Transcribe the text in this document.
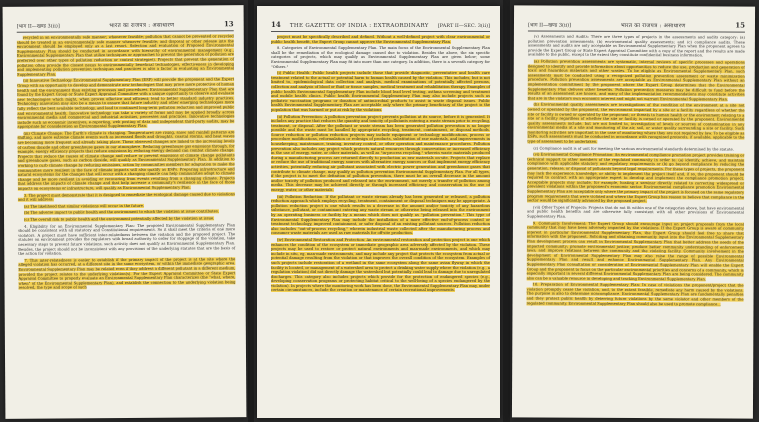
[भाग II—खण्ड 3(ii)]	भारत का राजपत्र : असाधारण	13
recycled in an environmentally safe manner; whenever feasible; pollution that cannot be prevented or recycled should be treated in an environmentally safe manner whenever feasible; and disposal or other release into the environment should be employed only as a last resort. Selection and evaluation of Proposed Environmental Supplementary Plan should be conducted in accordance with hierarchy of environmental management (e.g., Environmental Supplementary Plan that utilize techniques or approaches to prevent the generation of pollution are preferred over other types of pollution reduction or control strategies). Projects that prevent the generation of pollution often provide the closest nexus to environmentally beneficial technologies, effectiveness in developing and implementing pollution prevention techniques and practices is also a factor in evaluating an Environmental Supplementary Plan.
(ii) Innovative Technology Environmental Supplementary Plan (ESP) will provide the proponent and the Expert Group with an opportunity to develop and demonstrate new technologies that may prove more protective of human health and the environment than existing processes and procedures. Environmental Supplementary Plan that are found by the Expert Group or State Expert Appraisal Committee with a unique opportunity to observe and evaluate new technologies which might, when proven effective and efficient; lead to better standard industry practices. Technology innovation may also be a means to ensure that future industry and other emerging technologies more fully reflect the best available technology, and lead to continued long-term pollution reduction and improved public and environmental health. Innovative technology can take a variety of forms and may be applied broadly across environmental media and commercial and industrial activities, processes and practices. Innovative technologies include such as economic incentives, e-reporting, web posting of data and independent third-party audits, may be appropriate for consideration as Environmental Supplementary Plan.
(iii) Climate Change: The Earth's climate is changing. Temperatures are rising, snow and rainfall patterns are shifting, and more extreme climate events such as increased floods and droughts, coastal storms, and heat waves are becoming more frequent and already taking place. These observed changes are linked to the increasing levels of carbon dioxide and other greenhouse gases in our atmosphere. Reducing greenhouse gas emissions through, for example, energy efficiency projects that reduce emissions by reducing energy demand can combat climate change. Projects that reduce the causes of climate change and reduce or prevent emissions of climate change pollutants and greenhouse gases, such as carbon dioxide, will qualify as Environmental Supplementary Plan. In addition to working to curb climate change by reducing emissions, action by communities members for adaptation to make the communities more resilient in the face of climate impacts will also qualify as ESPs. Preparing infrastructure and natural ecosystems for the changes that will occur with a changing climate can help communities adapt to climate change and be more resilient in avoiding or recovering from events resulting from a changing climate. Projects that address the impacts of climate change and that help increase a community's resilience in the face of those impacts on ecosystems or infrastructure, will qualify as Environmental Supplementary Plan.
3. The project must demonstrate that it is designed to remediate the ecological damage caused due to violations and it will address:
(a) The likelihood that similar violations will occur in the future.
(b) The adverse impact to public health and the environment to which the violation at issue contributes.
(c) The overall risk to public health and the environment potentially affected by the violation at issue.
4. Eligibility for an Environmental Supplementary Plan: The proposed Environmental Supplementary Plan should be consistent with all statutory and Constitutional requirements. So it shall meet the criteria of one more violators. A project must have sufficient inter-relatedness between the violation and the proposed project. The statutes on environment provides the regulators with broad authority to order for stoppage of the violation, take necessary steps to prevent future violations, such activity does not qualify as Environmental Supplementary Plan. Besides, the project should not be inconsistent with any provisions of the underlying statutes that are the basis of the action for violation.
7. This inter-relatedness is easier to establish if the primary impact of the project is at the site where the alleged violation has occurred, at a different site in the same ecosystem, or within the immediate geographic area. Environmental Supplementary Plan may be related even if they address a different pollutant in a different medium, provided the project relates to the underlying violation(s). For the Expert Appraisal Committee or State Expert Appraisal Committee to properly evaluate an Environmental Supplementary Plan characterizes (the "what, where, when" of the Environmental Supplementary Plan), and establish the connection to the underlying violation being resolved, the type and scope of such
14 THE GAZETTE OF INDIA : EXTRAORDINARY [PART II—SEC. 3(ii)]
project must be specifically described and defined. Without a well-defined project with clear environmental or public health benefit, the Expert Group cannot approve the Environmental Supplementary Plan.
8. Categories of Environmental Supplementary Plan. The main focus of the Environmental Supplementary Plan shall be the remediation of the ecological damage caused due to violation. Besides the above, the six specific categories of projects, which may qualify as Environmental Supplementary Plan are given below; some Environmental Supplementary Plan may fit into more than one category. In addition, there is a seventh category for "Others."
(i) Public Health: Public health projects include those that provide diagnostic, preventative and health care treatment related to the actual or potential harm to human health caused by the violation. This includes, but is not limited to, epidemiological data collection and analysis, medical examinations of potentially affected persons, collection and analysis of blood or fluid or tissue samples, medical treatment and rehabilitation therapy. Examples of public health Environmental Supplementary Plan include blood lead level testing, asthma screening and treatment and mobile health clinics. Public health Environmental Supplementary Plan may also include projects such as pediatric vaccination programs or donation of antimicrobial products to assist in waste disposal issues. Public health Environmental Supplementary Plan are acceptable only where the primary beneficiary of the project is the population that was harmed or put at risk by the violations.
(ii) Pollution Prevention: A pollution prevention project prevents pollution at its source, before it is generated. It includes any practice that reduces the quantity and toxicity of pollutants entering a waste stream prior to recycling, treatment, or disposal. After the pollutant or waste stream has been generated pollution prevention is no longer possible and the waste must be handled by appropriate recycling, treatment, containment, or disposal methods. Source reduction or pollution reduction projects may include equipment or technology modifications, process or procedure modifications, reformulation or redesign of products, substitution of raw materials, and improvements in housekeeping, maintenance, training, inventory control, or other operation and maintenance procedures. Pollution prevention also includes any project which protects natural resources through conservation or increased efficiency in the use of energy, water, or other materials, as well as "in-process recycling," wherein waste materials produced during a manufacturing process are returned directly to production as raw materials on-site. Projects that replace or reduce the use of traditional energy sources with alternative energy sources or that implement energy efficiency activities, potentially reducing air pollutant associated with electric power generation and greenhouse gases that contribute to climate change, may qualify as pollution prevention Environmental Supplementary Plan. For all types, if the project is to meet the definition of pollution prevention, there must be an overall decrease in the amount and/or toxicity of pollution produced and released into the environment, not merely a transfer of pollution among media. This decrease may be achieved directly or through increased efficiency and conservation in the use of energy, water, or other materials.
(iii) Pollution Reduction: If the pollutant or waste stream already has been generated or released, a pollution reduction approach which employs recycling, treatment, containment or disposal techniques may be appropriate. A pollution reduction project is one which results in a decrease in the amount and/or toxicity of any hazardous substance, pollutant, or contaminant entering any waste stream or otherwise being released into the environment by an operating business or facility by a means which does not qualify as "pollution prevention." This type of Environmental Supplementary Plan may include the installation of a more effective end-of-process control or treatment technology, improved containment, or safer disposal of an existing pollutant sources. Pollution reduction also includes "out-of-process recycling," wherein industrial waste collected after the manufacturing process and consumer waste materials are used as raw materials for off-site production.
(iv) Environmental Restoration and Protection: An environmental restoration and protection project is one which enhances the condition of the ecosystem or immediate geographic area adversely affected by the violation. These projects may be used to restore or protect natural environments and man-made environments, and which may include in situ, eg, man-made environments, and may include any project that protects the ecosystem from actual or potential damage resulting from the violation or that improves the overall condition of the ecosystem. Examples of such projects include restoration of a wetland in the same ecosystem along the same avian flyway in which the facility is located, or management of a watershed area to protect a drinking water supply where the violation (e.g., a regulation violation) did not directly damage the watershed but potentially could lead to damage due to unregulated discharges. This category also includes projects which provide for the protection of endangered species (e.g., developing conservation programs or protecting habitat critical to the well-being of a species endangered by the violation). In projects where the monitoring work has been done, the Environmental Supplementary Plan may, under certain circumstances, include the creation or maintenance of certain recreational improvements.
[भाग II—खण्ड 3(ii)]	भारत का राजपत्र : असाधारण	15
(v) Assessments and Audits: There are three types of projects in the assessments and audits category: (a) pollution prevention assessments; (b) environmental quality assessments; and (c) compliance audits. These assessments and audits are only acceptable as Environmental Supplementary Plan when the proponent agrees to provide the Expert Group or State Expert Appraisal Committee with a copy of the report and the results are made available to the public, except to the extent they constitute confidential business information.
(a) Pollution prevention assessments are systematic, internal reviews of specific processes and operations designed to identify and provide information about opportunities to reduce the use, production and generation of toxic and hazardous materials and other wastes. To be eligible as Environmental Supplementary Plan, such assessments must be conducted using a recognized pollution prevention assessment or waste minimization procedure. Pollution prevention assessments are acceptable as Environmental Supplementary Plan without an implementation commitment by the proponent where the Expert Group determines that the Environmental Supplementary Plan delivers other benefits. Pollution prevention measures may be difficult to fund before the results of an assessment are known, and many of the implementation recommendations may constitute activities that are in the violators own economic interest and might not warrant Environmental Supplementary Plan.
(b) Environmental quality assessments are investigations of the condition of the environment at a site not owned or operated by the proponent, the environment impacted by a site or a facility regardless of whether the site or facility is owned or operated by the proponent; or threats to human health or the environment relating to a site or a facility regardless of whether the site or facility is owned or operated by the proponent. Environmental quality assessments include, but are not limited to, investigation of levels or sources of contamination in any environmental media at a site and monitoring of the air, soil, or water quality surrounding a site or facility. Such monitoring activities are important in the case of monitoring where they are not required by law. To be eligible as ESPs, such assessments must be conducted in accordance with recognized protocols, if available, applicable to the type of assessment to be undertaken.
(c) Compliance audit is of unit for meeting the various environmental standards determined by the statute.
(vi) Environmental Compliance Promotion: An environmental compliance promotion project provides training or technical support to other members of the regulated community in order to: (a) identify, achieve, and maintain compliance with applicable statutory and regulatory requirements or (b) go beyond compliance by reducing the generation, release, or disposal of pollutants beyond legal requirements. For these types of projects, the proponent may lack the experience, knowledge, or ability to implement the project itself and, if so, the proponent should be required to contract with an appropriate expert to develop and implement the compliance promotion project. Acceptable projects may include, for example, hosting a seminar directly related to correcting widespread or prevalent violations within the proponent's economic sector. Environmental compliance promotion Environmental Supplementary Plan are acceptable only where the primary impact of the project is focused on the same regulatory program requirements that were violated and where the Expert Group has reason to believe that compliance in the sector would be significantly advanced by the proposed project.
(vii) Other Types of Projects: Projects that do not fit within one of the categories above, but have environmental and public health benefits and are otherwise fully consistent with all other provisions of Environmental Supplementary Plan.
9. Community Involvement: The Expert Group should encourage input on project proposals from the local community that may have been adversely impacted by the violations. If the Expert Group is aware of community interest in particular Environmental Supplementary Plan, the Expert Group should feel free to share that information with the proponent. Soliciting and obtaining community input into the Environmental Supplementary Plan development process can result in Environmental Supplementary Plan that better address the needs of the impacted community; promote environmental justice; produce better community understanding of enforcement laws; and improve relations between the community and the violating facility. Community involvement in the development of Environmental Supplementary Plan may also raise the range of possible Environmental Supplementary Plan and result and enhance Environmental Supplementary Plan. Any Environmental Supplementary Plan consultation or consideration of Environmental Supplementary Plan will enable the Expert Group and the proponent to focus on the particular environmental priorities and concerns of a community, which is especially important in several different Environmental Supplementary Plan are being considered. The community also can be a valuable resource in developing and tracking Environmental Supplementary Plan.
10. Preparation of Environmental Supplementary Plan: In case of violations the proponent/project that the violation promptly cease the violation, and, to the extent feasible, remediate any harm caused by the violations. The purpose is also to determine noncompliance. Environmental Supplementary Plan are fundamentally penalties and they protect public health by deterring future violations by the same violator and other members of the regulated community. Environmental Supplementary Plan should also be used to promote compliance...
